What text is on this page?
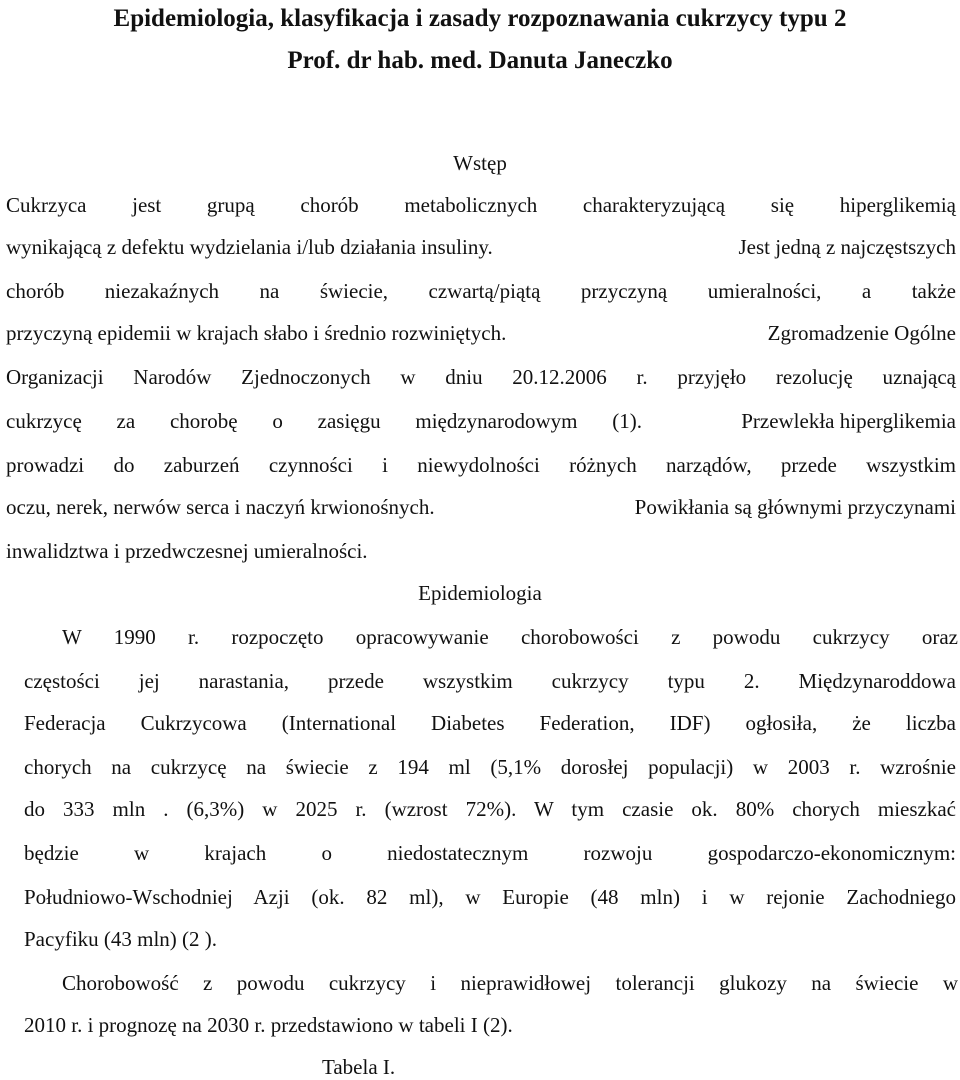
Epidemiologia, klasyfikacja i zasady rozpoznawania cukrzycy typu 2
Prof. dr hab. med. Danuta Janeczko
Wstęp
Cukrzyca jest grupą chorób metabolicznych charakteryzującą się hiperglikemią
wynikającą z defektu wydzielania i/lub działania insuliny.	Jest jedną z najczęstszych
chorób niezakaźnych na świecie, czwartą/piątą przyczyną umieralności, a także
przyczyną epidemii w krajach słabo i średnio rozwiniętych.	Zgromadzenie Ogólne
Organizacji Narodów Zjednoczonych w dniu 20.12.2006 r. przyjęło rezolucję uznającą
cukrzycę za chorobę o zasięgu międzynarodowym (1).	Przewlekła hiperglikemia
prowadzi do zaburzeń czynności i niewydolności różnych narządów, przede wszystkim
oczu, nerek, nerwów serca i naczyń krwionośnych.	Powikłania są głównymi przyczynami
inwalidztwa i przedwczesnej umieralności.
Epidemiologia
W 1990 r. rozpoczęto opracowywanie chorobowości z powodu cukrzycy oraz
częstości jej narastania, przede wszystkim cukrzycy typu 2. Międzynaroddowa
Federacja Cukrzycowa (International Diabetes Federation, IDF) ogłosiła, że liczba
chorych na cukrzycę na świecie z 194 ml (5,1% dorosłej populacji) w 2003 r. wzrośnie
do 333 mln . (6,3%) w 2025 r. (wzrost 72%). W tym czasie ok. 80% chorych mieszkać
będzie w krajach o niedostatecznym rozwoju gospodarczo-ekonomicznym:
Południowo-Wschodniej Azji (ok. 82 ml), w Europie (48 mln) i w rejonie Zachodniego
Pacyfiku (43 mln) (2 ).
Chorobowość z powodu cukrzycy i nieprawidłowej tolerancji glukozy na świecie w
2010 r. i prognozę na 2030 r. przedstawiono w tabeli I (2).
Tabela I.
